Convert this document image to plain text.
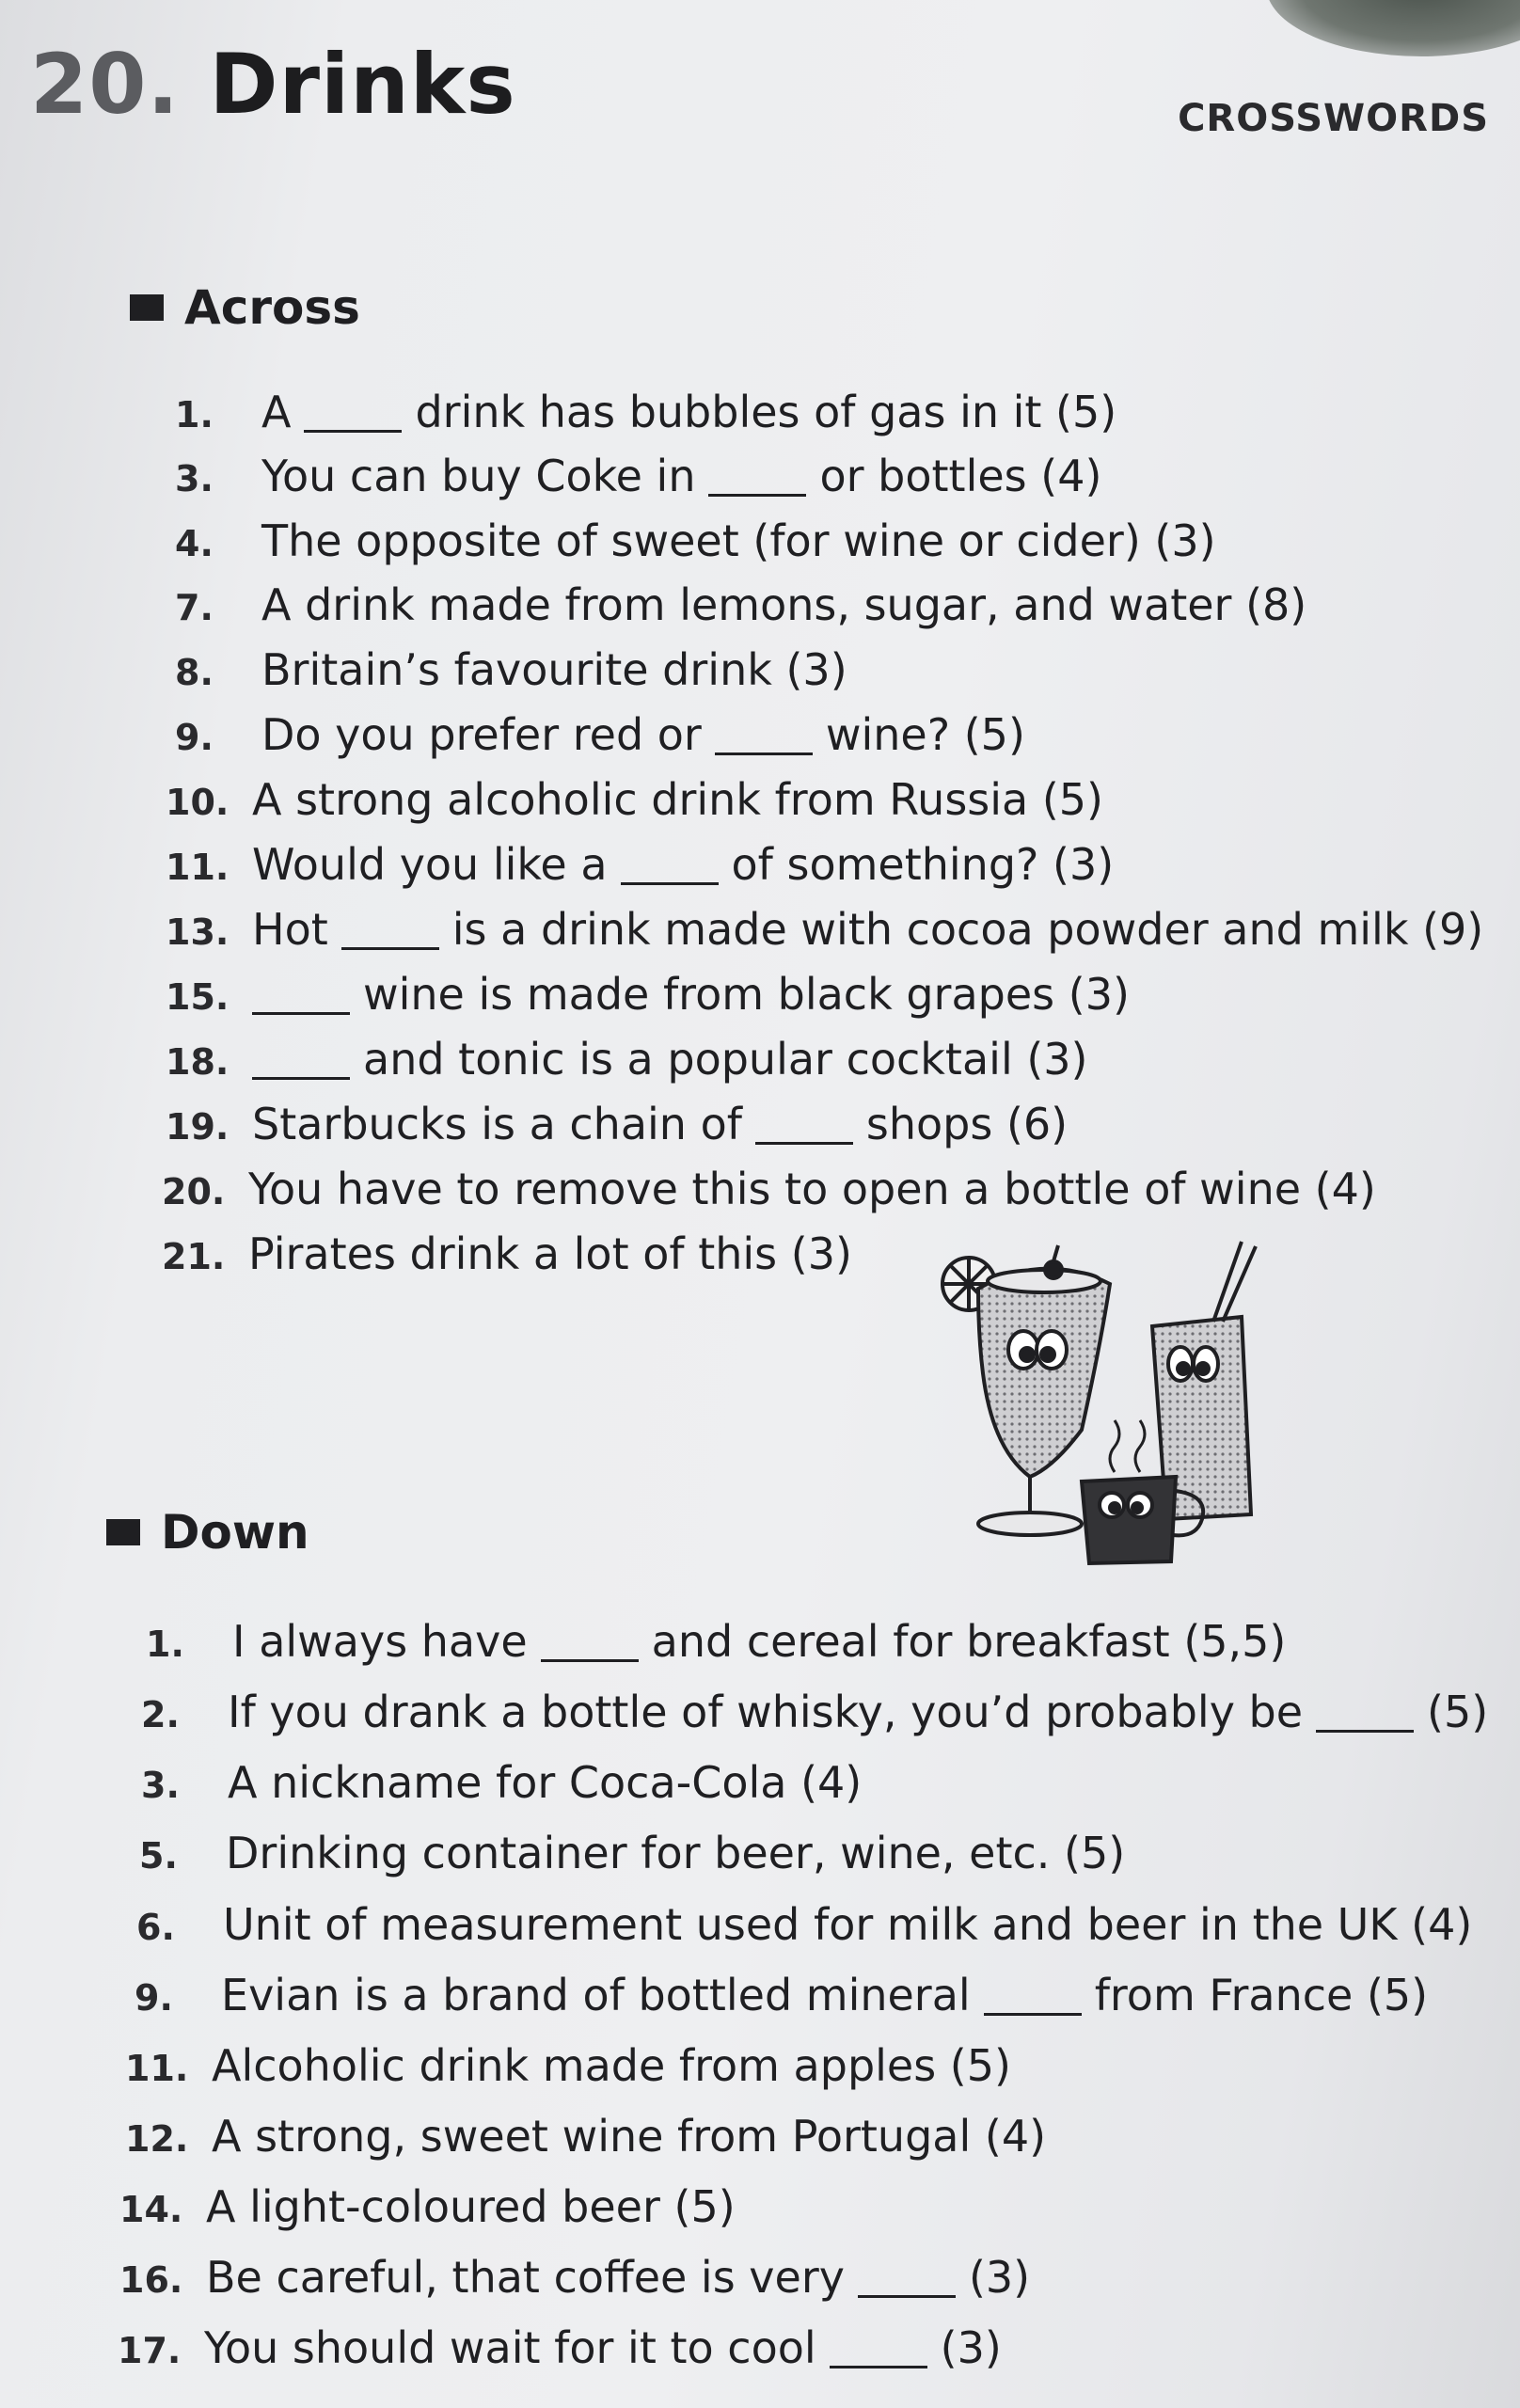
20. Drinks	CROSSWORDS
Across
1. A	drink has bubbles of gas in it (5)
3. You can buy Coke in	or bottles (4)
4. The opposite of sweet (for wine or cider) (3)
7. A drink made from lemons, sugar, and water (8)
8. Britain’s favourite drink (3)
9. Do you prefer red or	wine? (5)
10. A strong alcoholic drink from Russia (5)
11. Would you like a	of something? (3)
13. Hot	is a drink made with cocoa powder and milk (9)
15.	wine is made from black grapes (3)
18.	and tonic is a popular cocktail (3)
19. Starbucks is a chain of	shops (6)
20. You have to remove this to open a bottle of wine (4)
21. Pirates drink a lot of this (3)
Down
1. I always have	and cereal for breakfast (5,5)
2. If you drank a bottle of whisky, you’d probably be	(5)
3. A nickname for Coca-Cola (4)
5. Drinking container for beer, wine, etc. (5)
6. Unit of measurement used for milk and beer in the UK (4)
9. Evian is a brand of bottled mineral	from France (5)
11. Alcoholic drink made from apples (5)
12. A strong, sweet wine from Portugal (4)
14. A light-coloured beer (5)
16. Be careful, that coffee is very	(3)
17. You should wait for it to cool	(3)
